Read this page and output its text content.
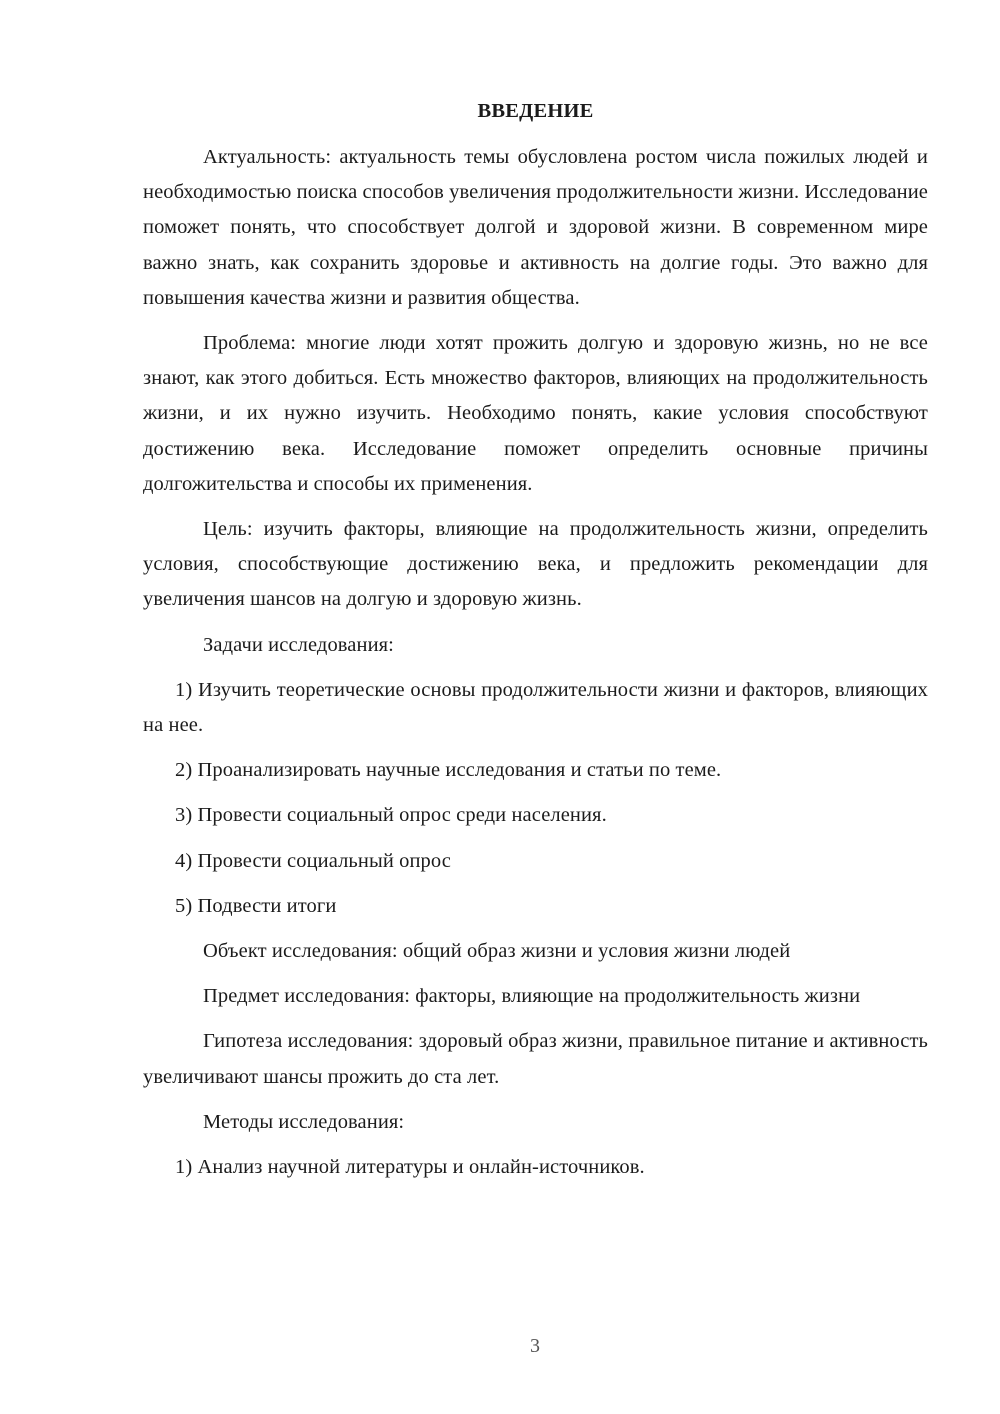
ВВЕДЕНИЕ

Актуальность: актуальность темы обусловлена ростом числа пожилых людей и необходимостью поиска способов увеличения продолжительности жизни. Исследование поможет понять, что способствует долгой и здоровой жизни. В современном мире важно знать, как сохранить здоровье и активность на долгие годы. Это важно для повышения качества жизни и развития общества.

Проблема: многие люди хотят прожить долгую и здоровую жизнь, но не все знают, как этого добиться. Есть множество факторов, влияющих на продолжительность жизни, и их нужно изучить. Необходимо понять, какие условия способствуют достижению века. Исследование поможет определить основные причины долгожительства и способы их применения.

Цель: изучить факторы, влияющие на продолжительность жизни, определить условия, способствующие достижению века, и предложить рекомендации для увеличения шансов на долгую и здоровую жизнь.

Задачи исследования:

1) Изучить теоретические основы продолжительности жизни и факторов, влияющих на нее.

2) Проанализировать научные исследования и статьи по теме.

3) Провести социальный опрос среди населения.

4) Провести социальный опрос

5) Подвести итоги

Объект исследования: общий образ жизни и условия жизни людей

Предмет исследования: факторы, влияющие на продолжительность жизни

Гипотеза исследования: здоровый образ жизни, правильное питание и активность увеличивают шансы прожить до ста лет.

Методы исследования:

1) Анализ научной литературы и онлайн-источников.

3
